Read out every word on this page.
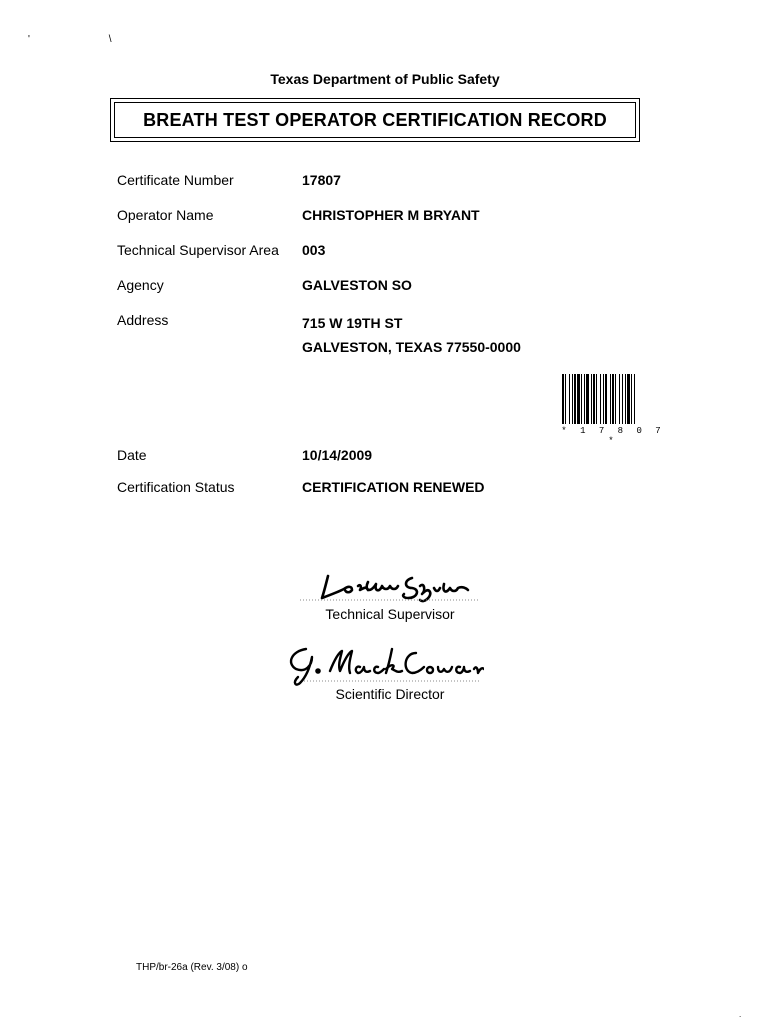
' \
Texas Department of Public Safety
BREATH TEST OPERATOR CERTIFICATION RECORD
Certificate Number	17807
Operator Name	CHRISTOPHER M BRYANT
Technical Supervisor Area 003
Agency	GALVESTON SO
Address	715 W 19TH ST
GALVESTON, TEXAS 77550-0000
* 1 7 8 0 7 *
Date	10/14/2009
Certification Status	CERTIFICATION RENEWED
Technical Supervisor
Scientific Director
THP/br-26a (Rev. 3/08) o
.
